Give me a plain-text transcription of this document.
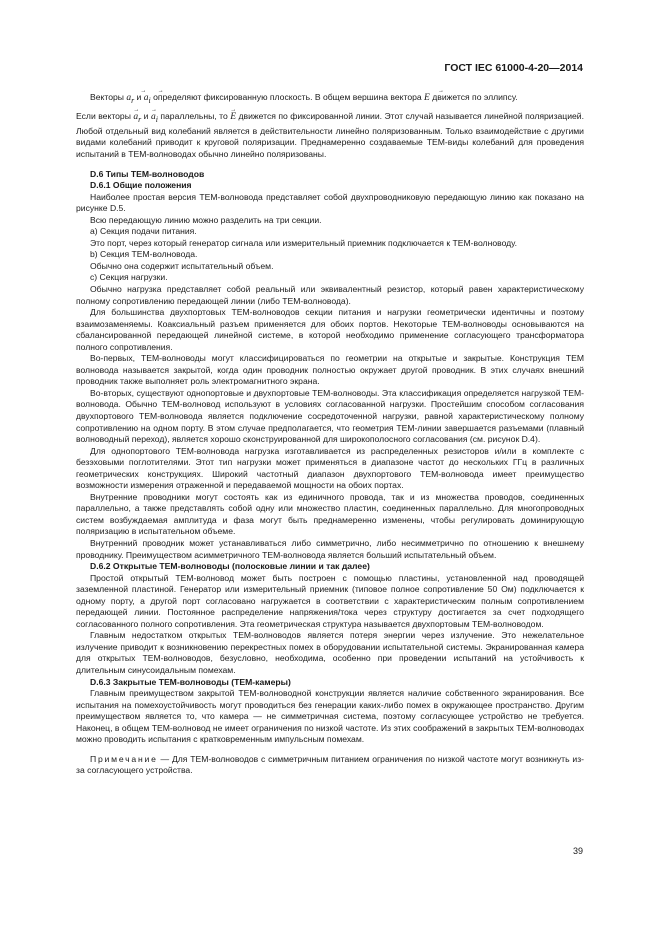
ГОСТ IEC 61000-4-20—2014

Векторы → $a_r$ $и \to a_i$ определяют фиксированную плоскость. В общем вершина вектора → E движется по эллипсу.

Если векторы → $a_r$ $и \to a_i$ параллельны, то → E движется по фиксированной линии. Этот случай называется линейной поляризацией. Любой отдельный вид колебаний является в действительности линейно поляризованным. Только взаимодействие с другими видами колебаний приводит к круговой поляризации. Преднамеренно создаваемые ТЕМ-виды колебаний для проведения испытаний в ТЕМ-волноводах обычно линейно поляризованы.

D.6 Типы ТЕМ-волноводов

D.6.1 Общие положения

Наиболее простая версия ТЕМ-волновода представляет собой двухпроводниковую передающую линию как показано на рисунке D.5.

Всю передающую линию можно разделить на три секции.

а) Секция подачи питания.

Это порт, через который генератор сигнала или измерительный приемник подключается к ТЕМ-волноводу.

b) Секция ТЕМ-волновода.

Обычно она содержит испытательный объем.

с) Секция нагрузки.

Обычно нагрузка представляет собой реальный или эквивалентный резистор, который равен характеристическому полному сопротивлению передающей линии (либо ТЕМ-волновода).

Для большинства двухпортовых ТЕМ-волноводов секции питания и нагрузки геометрически идентичны и поэтому взаимозаменяемы. Коаксиальный разъем применяется для обоих портов. Некоторые ТЕМ-волноводы основываются на сбалансированной передающей линейной системе, в которой необходимо применение согласующего трансформатора полного сопротивления.

Во-первых, ТЕМ-волноводы могут классифицироваться по геометрии на открытые и закрытые. Конструкция ТЕМ волновода называется закрытой, когда один проводник полностью окружает другой проводник. В этих случаях внешний проводник также выполняет роль электромагнитного экрана.

Во-вторых, существуют однопортовые и двухпортовые ТЕМ-волноводы. Эта классификация определяется нагрузкой ТЕМ-волновода. Обычно ТЕМ-волновод используют в условиях согласованной нагрузки. Простейшим способом согласования двухпортового ТЕМ-волновода является подключение сосредоточенной нагрузки, равной характеристическому полному сопротивлению на одном порту. В этом случае предполагается, что геометрия ТЕМ-линии завершается разъемами (плавный волноводный переход), является хорошо сконструированной для широкополосного согласования (см. рисунок D.4).

Для однопортового ТЕМ-волновода нагрузка изготавливается из распределенных резисторов и/или в комплекте с безэховыми поглотителями. Этот тип нагрузки может применяться в диапазоне частот до нескольких ГГц в различных геометрических конструкциях. Широкий частотный диапазон двухпортового ТЕМ-волновода имеет преимущество возможности измерения отраженной и передаваемой мощности на обоих портах.

Внутренние проводники могут состоять как из единичного провода, так и из множества проводов, соединенных параллельно, а также представлять собой одну или множество пластин, соединенных параллельно. Для многопроводных систем возбуждаемая амплитуда и фаза могут быть преднамеренно изменены, чтобы регулировать доминирующую поляризацию в испытательном объеме.

Внутренний проводник может устанавливаться либо симметрично, либо несимметрично по отношению к внешнему проводнику. Преимуществом асимметричного ТЕМ-волновода является больший испытательный объем.

D.6.2 Открытые ТЕМ-волноводы (полосковые линии и так далее)

Простой открытый ТЕМ-волновод может быть построен с помощью пластины, установленной над проводящей заземленной пластиной. Генератор или измерительный приемник (типовое полное сопротивление 50 Ом) подключается к одному порту, а другой порт согласовано нагружается в соответствии с характеристическим полным сопротивлением передающей линии. Постоянное распределение напряжения/тока через структуру достигается за счет подходящего согласованного полного сопротивления. Эта геометрическая структура называется двухпортовым ТЕМ-волноводом.

Главным недостатком открытых ТЕМ-волноводов является потеря энергии через излучение. Это нежелательное излучение приводит к возникновению перекрестных помех в оборудовании испытательной системы. Экранированная камера для открытых ТЕМ-волноводов, безусловно, необходима, особенно при проведении испытаний на устойчивость к длительным синусоидальным помехам.

D.6.3 Закрытые ТЕМ-волноводы (ТЕМ-камеры)

Главным преимуществом закрытой ТЕМ-волноводной конструкции является наличие собственного экранирования. Все испытания на помехоустойчивость могут проводиться без генерации каких-либо помех в окружающее пространство. Другим преимуществом является то, что камера — не симметричная система, поэтому согласующее устройство не требуется. Наконец, в общем ТЕМ-волновод не имеет ограничения по низкой частоте. Из этих соображений в закрытых ТЕМ-волноводах можно проводить испытания с кратковременным импульсным помехам.

Примечание — Для ТЕМ-волноводов с симметричным питанием ограничения по низкой частоте могут возникнуть из-за согласующего устройства.

39
